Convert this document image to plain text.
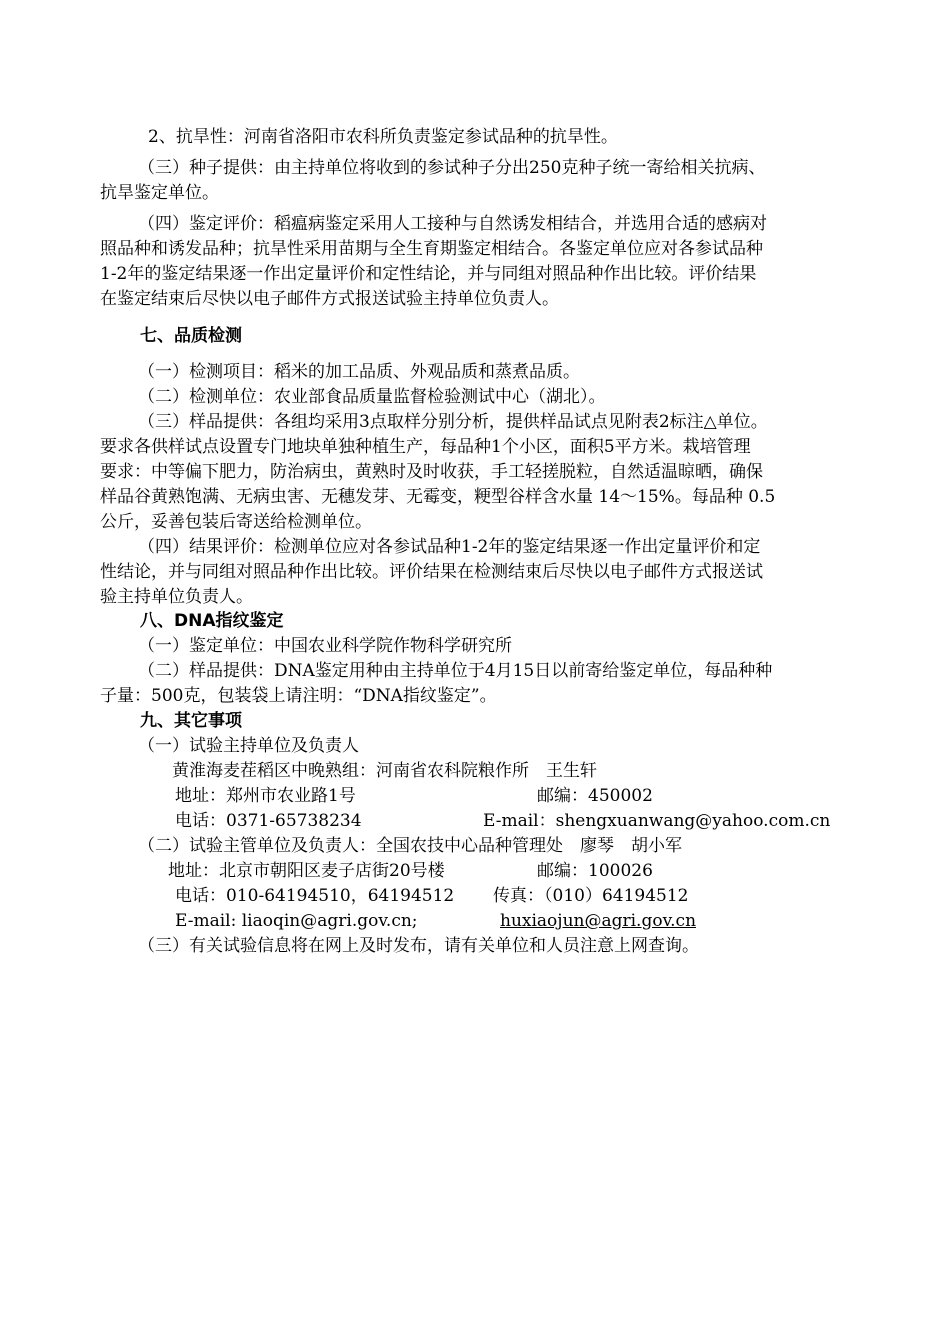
2、抗旱性：河南省洛阳市农科所负责鉴定参试品种的抗旱性。
（三）种子提供：由主持单位将收到的参试种子分出250克种子统一寄给相关抗病、
抗旱鉴定单位。
（四）鉴定评价：稻瘟病鉴定采用人工接种与自然诱发相结合，并选用合适的感病对
照品种和诱发品种；抗旱性采用苗期与全生育期鉴定相结合。各鉴定单位应对各参试品种
1-2年的鉴定结果逐一作出定量评价和定性结论，并与同组对照品种作出比较。评价结果
在鉴定结束后尽快以电子邮件方式报送试验主持单位负责人。
七、品质检测
（一）检测项目：稻米的加工品质、外观品质和蒸煮品质。
（二）检测单位：农业部食品质量监督检验测试中心（湖北）。
（三）样品提供：各组均采用3点取样分别分析，提供样品试点见附表2标注△单位。
要求各供样试点设置专门地块单独种植生产，每品种1个小区，面积5平方米。栽培管理
要求：中等偏下肥力，防治病虫，黄熟时及时收获，手工轻搓脱粒，自然适温晾晒，确保
样品谷黄熟饱满、无病虫害、无穗发芽、无霉变，粳型谷样含水量 14～15%。每品种 0.5
公斤，妥善包装后寄送给检测单位。
（四）结果评价：检测单位应对各参试品种1-2年的鉴定结果逐一作出定量评价和定
性结论，并与同组对照品种作出比较。评价结果在检测结束后尽快以电子邮件方式报送试
验主持单位负责人。
八、DNA指纹鉴定
（一）鉴定单位：中国农业科学院作物科学研究所
（二）样品提供：DNA鉴定用种由主持单位于4月15日以前寄给鉴定单位，每品种种
子量：500克，包装袋上请注明：“DNA指纹鉴定”。
九、其它事项
（一）试验主持单位及负责人
黄淮海麦茬稻区中晚熟组：河南省农科院粮作所　王生轩
地址：郑州市农业路1号	邮编：450002
电话：0371-65738234	E-mail：shengxuanwang@yahoo.com.cn
（二）试验主管单位及负责人：全国农技中心品种管理处　廖琴　胡小军
地址：北京市朝阳区麦子店街20号楼	邮编：100026
电话：010-64194510，64194512 传真：（010）64194512
E-mail: liaoqin@agri.gov.cn;	huxiaojun@agri.gov.cn
（三）有关试验信息将在网上及时发布，请有关单位和人员注意上网查询。
